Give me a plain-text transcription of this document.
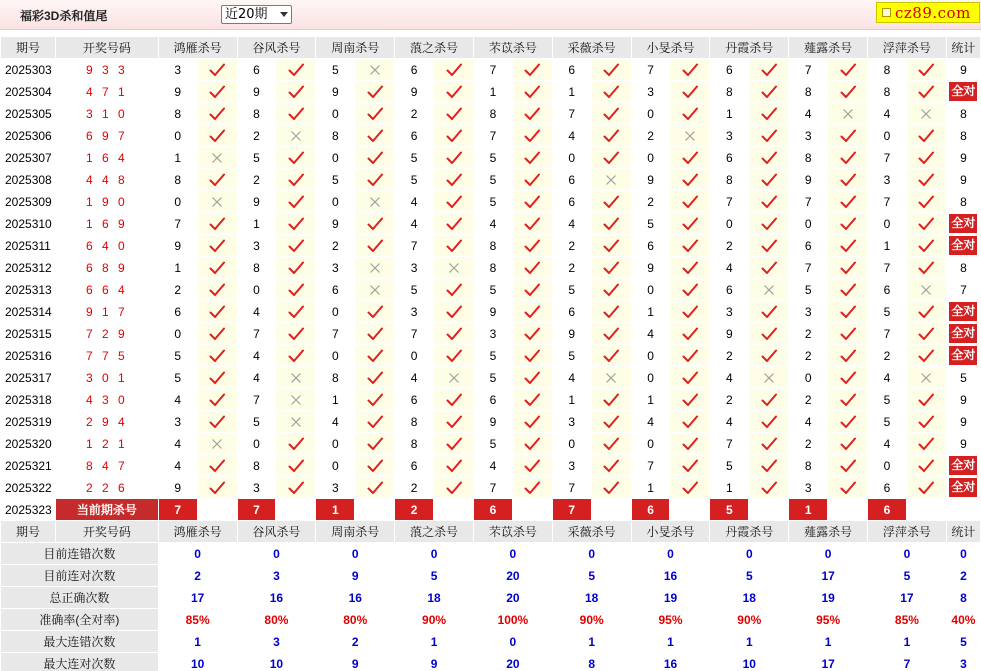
福彩3D杀和值尾	近20期	cz89.com
期号	开奖号码	鸿雁杀号		谷风杀号		周南杀号		蒗之杀号		芣苡杀号		采薇杀号		小旻杀号		丹霞杀号		薤露杀号		浮萍杀号		统计
2025303	9 3 3	3		6		5		6		7		6		7		6		7		8		9
2025304	4 7 1	9		9		9		9		1		1		3		8		8		8		全对
2025305	3 1 0	8		8		0		2		8		7		0		1		4		4		8
2025306	6 9 7	0		2		8		6		7		4		2		3		3		0		8
2025307	1 6 4	1		5		0		5		5		0		0		6		8		7		9
2025308	4 4 8	8		2		5		5		5		6		9		8		9		3		9
2025309	1 9 0	0		9		0		4		5		6		2		7		7		7		8
2025310	1 6 9	7		1		9		4		4		4		5		0		0		0		全对
2025311	6 4 0	9		3		2		7		8		2		6		2		6		1		全对
2025312	6 8 9	1		8		3		3		8		2		9		4		7		7		8
2025313	6 6 4	2		0		6		5		5		5		0		6		5		6		7
2025314	9 1 7	6		4		0		3		9		6		1		3		3		5		全对
2025315	7 2 9	0		7		7		7		3		9		4		9		2		7		全对
2025316	7 7 5	5		4		0		0		5		5		0		2		2		2		全对
2025317	3 0 1	5		4		8		4		5		4		0		4		0		4		5
2025318	4 3 0	4		7		1		6		6		1		1		2		2		5		9
2025319	2 9 4	3		5		4		8		9		3		4		4		4		5		9
2025320	1 2 1	4		0		0		8		5		0		0		7		2		4		9
2025321	8 4 7	4		8		0		6		4		3		7		5		8		0		全对
2025322	2 2 6	9		3		3		2		7		7		1		1		3		6		全对
2025323	当前期杀号	7		7		1		2		6		7		6		5		1		6		
期号	开奖号码	鸿雁杀号		谷风杀号		周南杀号		蒗之杀号		芣苡杀号		采薇杀号		小旻杀号		丹霞杀号		薤露杀号		浮萍杀号		统计
目前连错次数		0		0		0		0		0		0		0		0		0		0		0
目前连对次数		2		3		9		5		20		5		16		5		17		5		2
总正确次数		17		16		16		18		20		18		19		18		19		17		8
准确率(全对率)		85%		80%		80%		90%		100%		90%		95%		90%		95%		85%		40%
最大连错次数		1		3		2		1		0		1		1		1		1		1		5
最大连对次数		10		10		9		9		20		8		16		10		17		7		3
